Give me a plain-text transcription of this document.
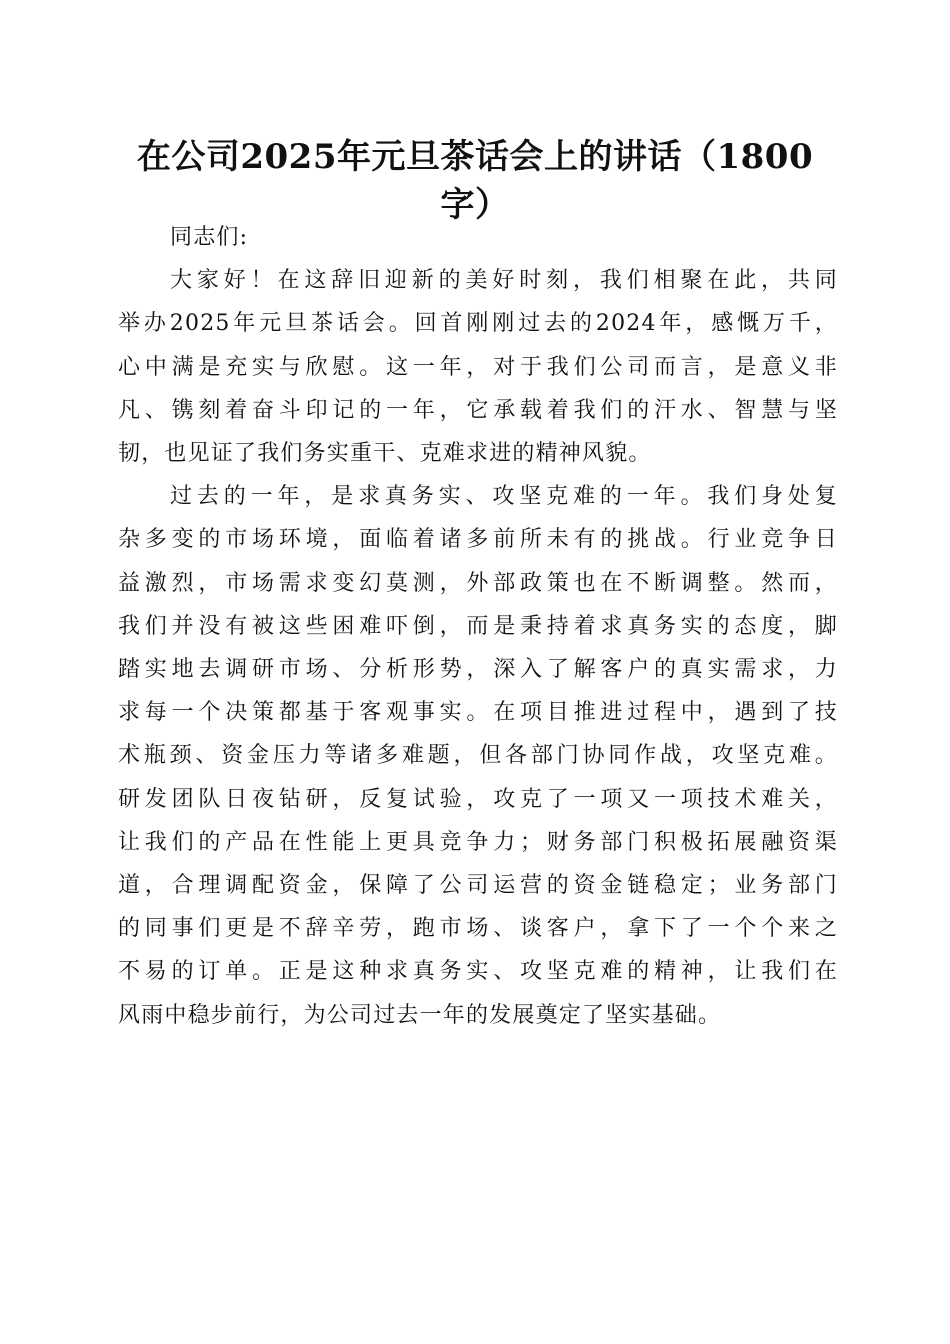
在公司2025年元旦茶话会上的讲话（1800
字）
同志们:
大家好！在这辞旧迎新的美好时刻，我们相聚在此，共同
举办2025年元旦茶话会。回首刚刚过去的2024年，感慨万千，
心中满是充实与欣慰。这一年，对于我们公司而言，是意义非
凡、镌刻着奋斗印记的一年，它承载着我们的汗水、智慧与坚
韧，也见证了我们务实重干、克难求进的精神风貌。
过去的一年，是求真务实、攻坚克难的一年。我们身处复
杂多变的市场环境，面临着诸多前所未有的挑战。行业竞争日
益激烈，市场需求变幻莫测，外部政策也在不断调整。然而，
我们并没有被这些困难吓倒，而是秉持着求真务实的态度，脚
踏实地去调研市场、分析形势，深入了解客户的真实需求，力
求每一个决策都基于客观事实。在项目推进过程中，遇到了技
术瓶颈、资金压力等诸多难题，但各部门协同作战，攻坚克难。
研发团队日夜钻研，反复试验，攻克了一项又一项技术难关，
让我们的产品在性能上更具竞争力；财务部门积极拓展融资渠
道，合理调配资金，保障了公司运营的资金链稳定；业务部门
的同事们更是不辞辛劳，跑市场、谈客户，拿下了一个个来之
不易的订单。正是这种求真务实、攻坚克难的精神，让我们在
风雨中稳步前行，为公司过去一年的发展奠定了坚实基础。
